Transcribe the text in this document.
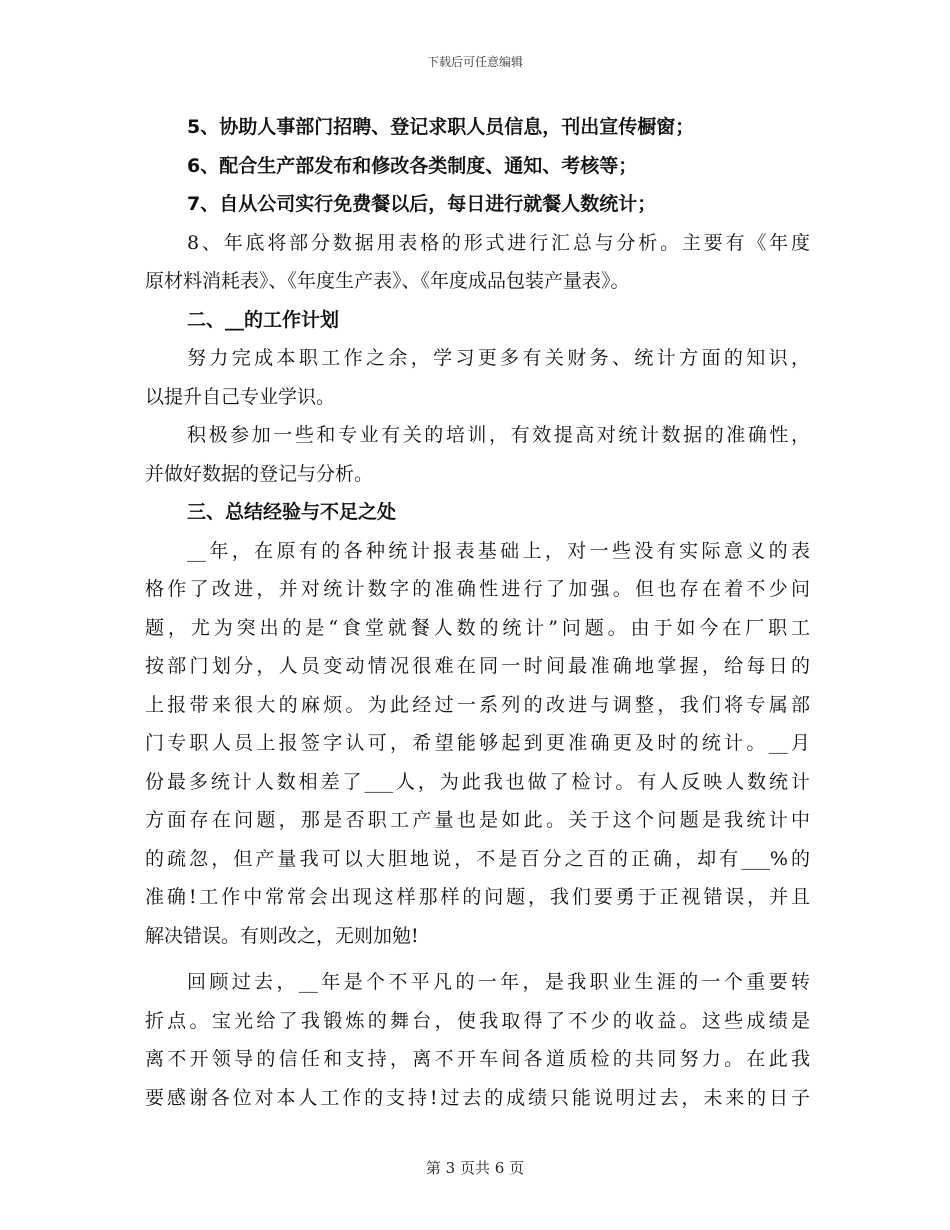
下载后可任意编辑
5、协助人事部门招聘、登记求职人员信息，刊出宣传橱窗；
6、配合生产部发布和修改各类制度、通知、考核等；
7、自从公司实行免费餐以后，每日进行就餐人数统计；
8、年底将部分数据用表格的形式进行汇总与分析。主要有《年度
原材料消耗表》、《年度生产表》、《年度成品包装产量表》。
二、__的工作计划
努力完成本职工作之余，学习更多有关财务、统计方面的知识，
以提升自己专业学识。
积极参加一些和专业有关的培训，有效提高对统计数据的准确性，
并做好数据的登记与分析。
三、总结经验与不足之处
__年，在原有的各种统计报表基础上，对一些没有实际意义的表
格作了改进，并对统计数字的准确性进行了加强。但也存在着不少问
题，尤为突出的是“食堂就餐人数的统计”问题。由于如今在厂职工
按部门划分，人员变动情况很难在同一时间最准确地掌握，给每日的
上报带来很大的麻烦。为此经过一系列的改进与调整，我们将专属部
门专职人员上报签字认可，希望能够起到更准确更及时的统计。__月
份最多统计人数相差了___人，为此我也做了检讨。有人反映人数统计
方面存在问题，那是否职工产量也是如此。关于这个问题是我统计中
的疏忽，但产量我可以大胆地说，不是百分之百的正确，却有___%的
准确!工作中常常会出现这样那样的问题，我们要勇于正视错误，并且
解决错误。有则改之，无则加勉!
回顾过去，__年是个不平凡的一年，是我职业生涯的一个重要转
折点。宝光给了我锻炼的舞台，使我取得了不少的收益。这些成绩是
离不开领导的信任和支持，离不开车间各道质检的共同努力。在此我
要感谢各位对本人工作的支持!过去的成绩只能说明过去，未来的日子
第 3 页共 6 页
